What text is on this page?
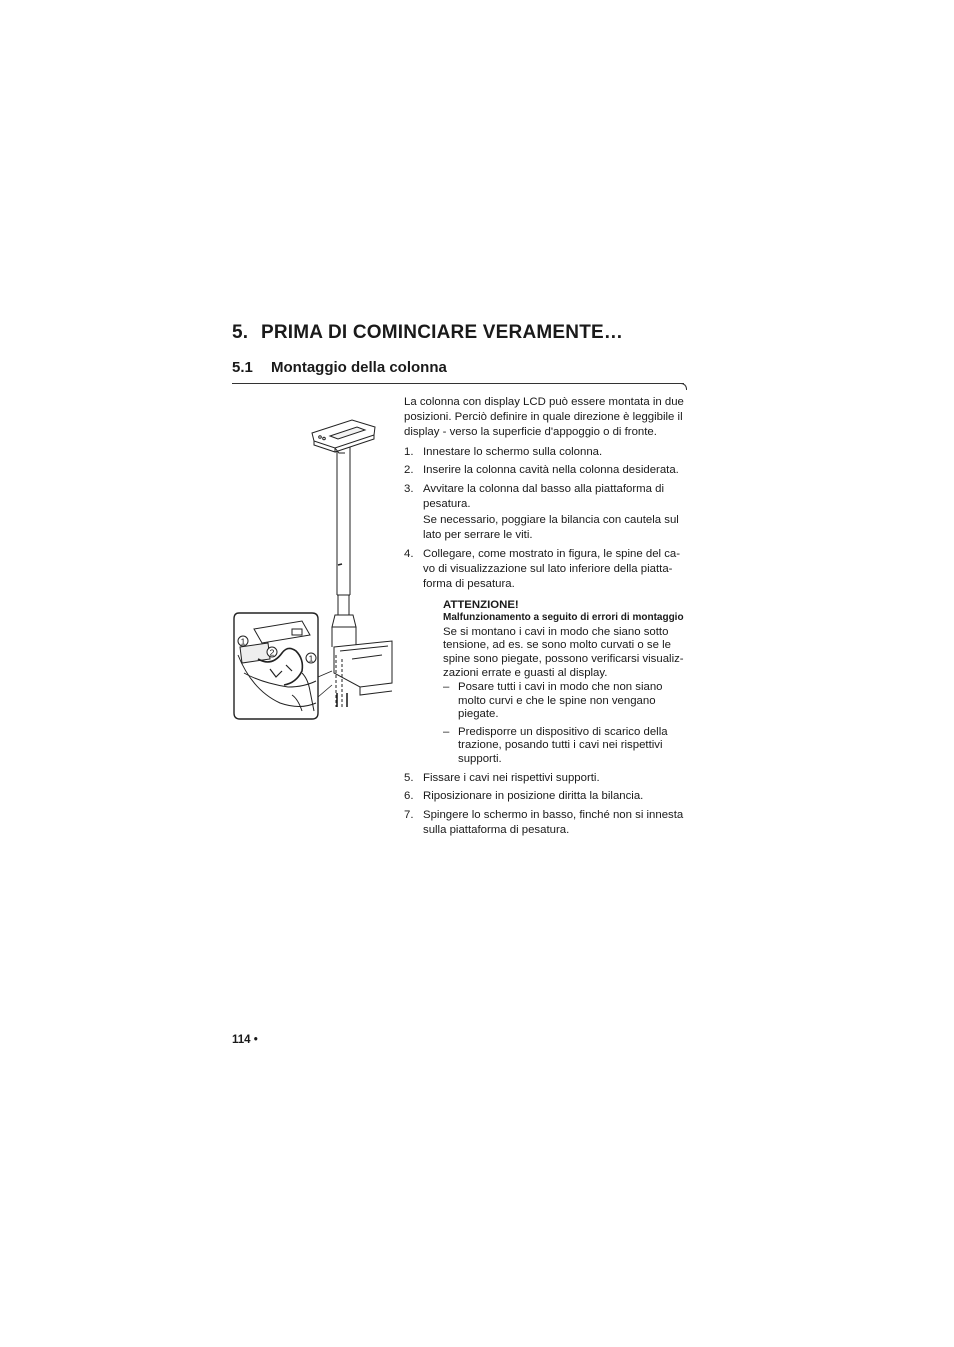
5. PRIMA DI COMINCIARE VERAMENTE…
5.1 Montaggio della colonna
1
2
1

La colonna con display LCD può essere montata in due posizioni. Perciò definire in quale direzione è leggibile il display - verso la superficie d'appoggio o di fronte.

1. Innestare lo schermo sulla colonna.
2. Inserire la colonna cavità nella colonna desiderata.
3. Avvitare la colonna dal basso alla piattaforma di pesatura.
Se necessario, poggiare la bilancia con cautela sul lato per serrare le viti.
4. Collegare, come mostrato in figura, le spine del ca-vo di visualizzazione sul lato inferiore della piatta-forma di pesatura.
ATTENZIONE!
Malfunzionamento a seguito di errori di montaggio
Se si montano i cavi in modo che siano sotto tensione, ad es. se sono molto curvati o se le spine sono piegate, possono verificarsi visualiz-zazioni errate e guasti al display.
– Posare tutti i cavi in modo che non siano molto curvi e che le spine non vengano piegate.
– Predisporre un dispositivo di scarico della trazione, posando tutti i cavi nei rispettivi supporti.
5. Fissare i cavi nei rispettivi supporti.
6. Riposizionare in posizione diritta la bilancia.
7. Spingere lo schermo in basso, finché non si innesta sulla piattaforma di pesatura.
114 •
